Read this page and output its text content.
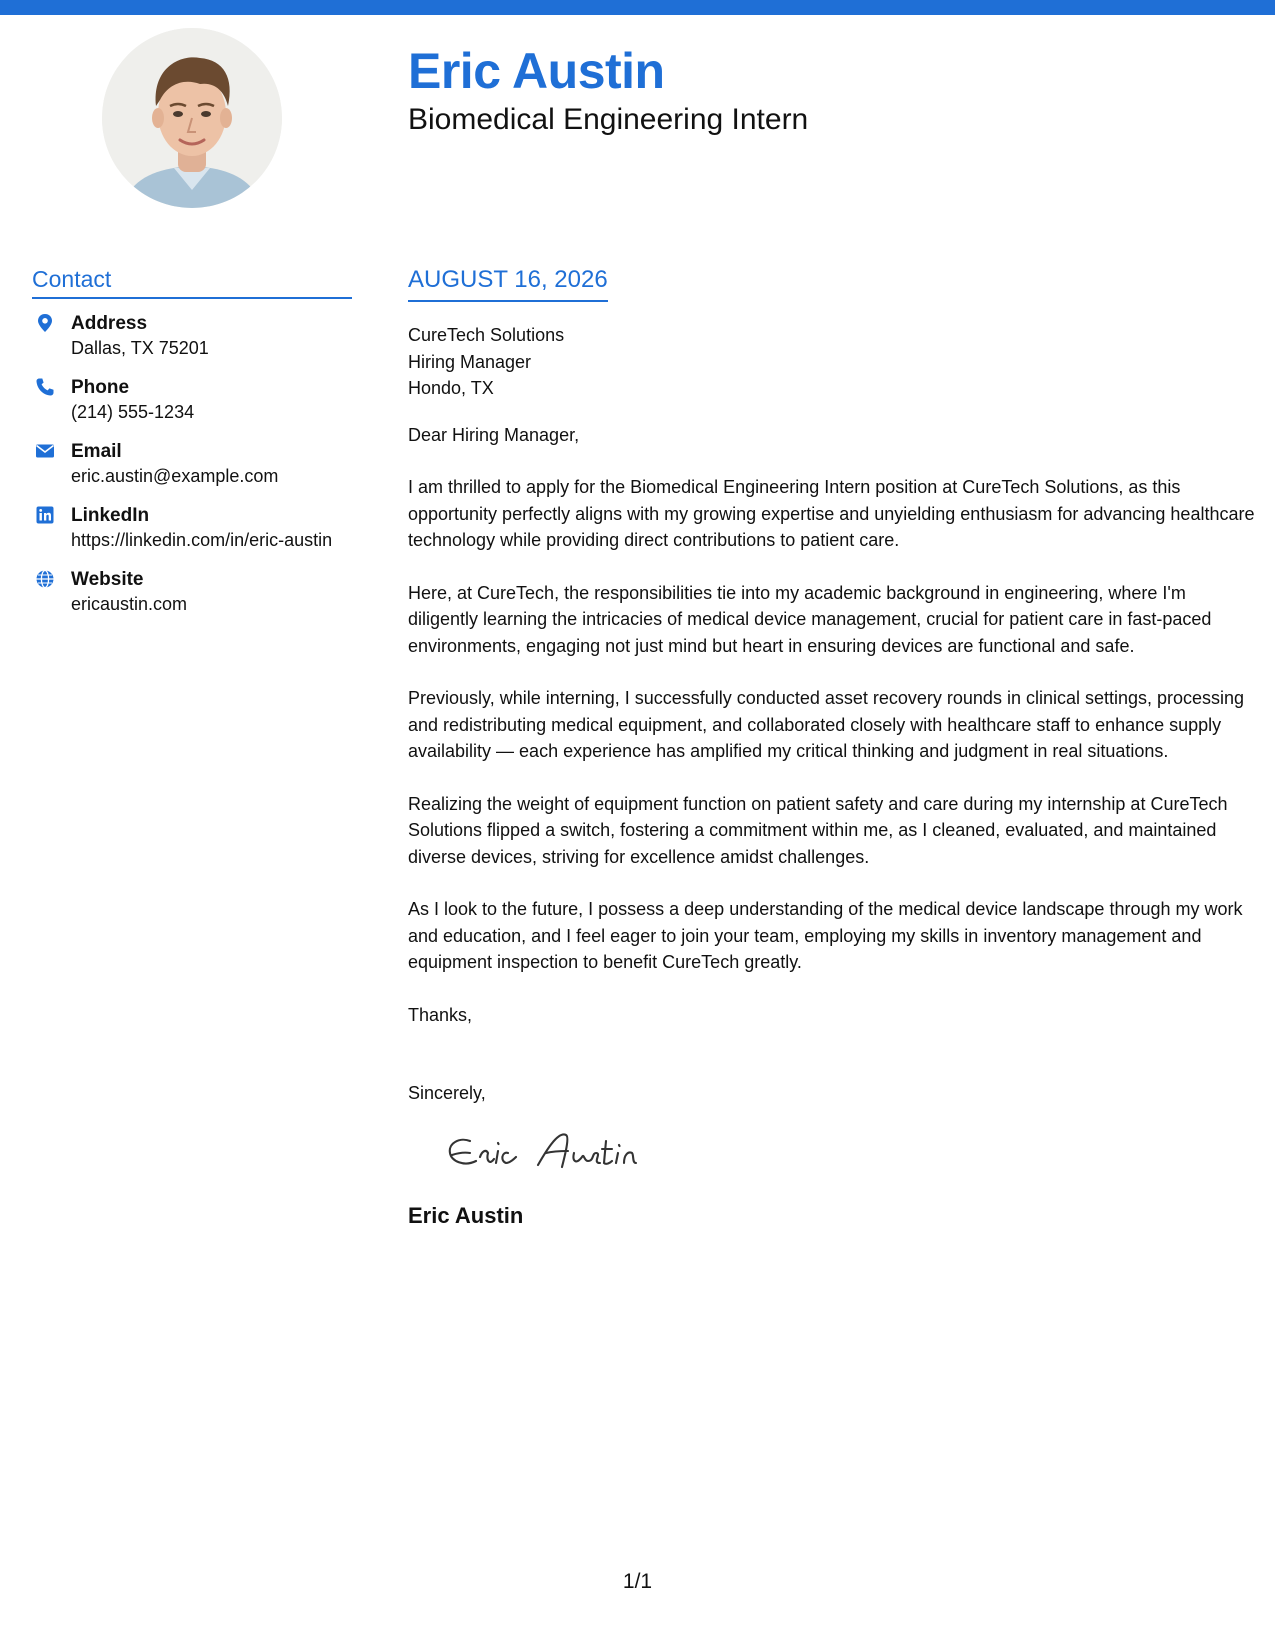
Eric Austin
Biomedical Engineering Intern
Contact
Address
Dallas, TX 75201
Phone
(214) 555-1234
Email
eric.austin@example.com
LinkedIn
https://linkedin.com/in/eric-austin
Website
ericaustin.com
AUGUST 16, 2026
CureTech Solutions
Hiring Manager
Hondo, TX

Dear Hiring Manager,

I am thrilled to apply for the Biomedical Engineering Intern position at CureTech Solutions, as this opportunity perfectly aligns with my growing expertise and unyielding enthusiasm for advancing healthcare technology while providing direct contributions to patient care.

Here, at CureTech, the responsibilities tie into my academic background in engineering, where I'm diligently learning the intricacies of medical device management, crucial for patient care in fast-paced environments, engaging not just mind but heart in ensuring devices are functional and safe.

Previously, while interning, I successfully conducted asset recovery rounds in clinical settings, processing and redistributing medical equipment, and collaborated closely with healthcare staff to enhance supply availability — each experience has amplified my critical thinking and judgment in real situations.

Realizing the weight of equipment function on patient safety and care during my internship at CureTech Solutions flipped a switch, fostering a commitment within me, as I cleaned, evaluated, and maintained diverse devices, striving for excellence amidst challenges.

As I look to the future, I possess a deep understanding of the medical device landscape through my work and education, and I feel eager to join your team, employing my skills in inventory management and equipment inspection to benefit CureTech greatly.

Thanks,

Sincerely,

Eric Austin
1/1
